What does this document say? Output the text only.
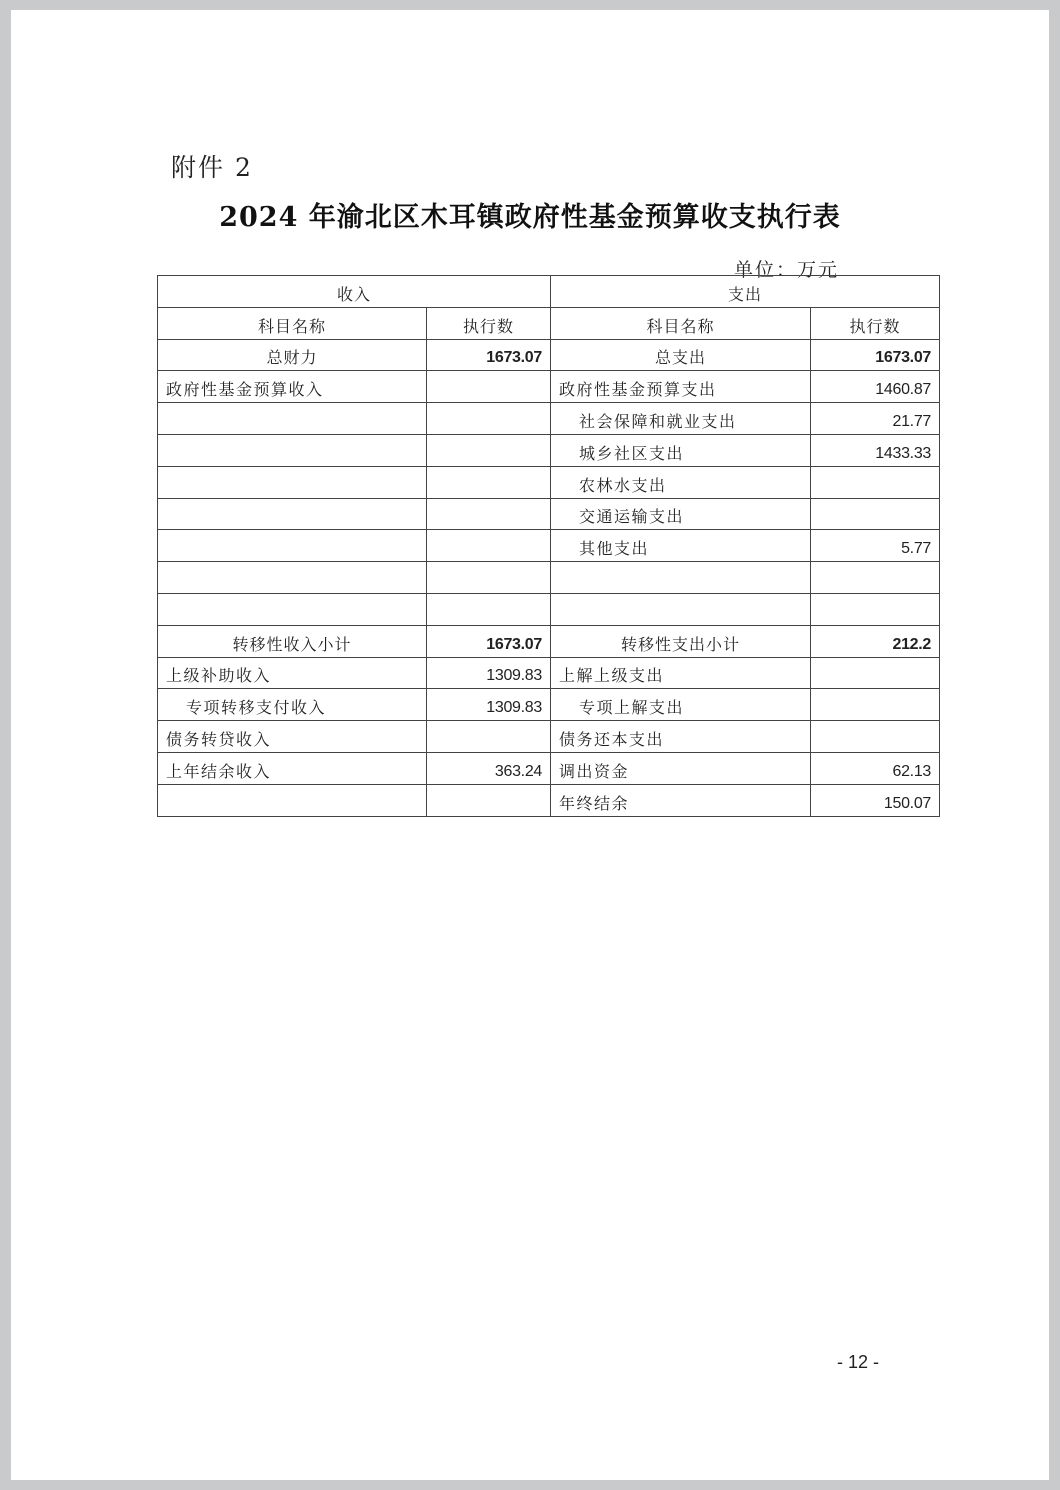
附件 2
2024 年渝北区木耳镇政府性基金预算收支执行表
单位：万元
收入		支出	
科目名称	执行数	科目名称	执行数
总财力	1673.07	总支出	1673.07
政府性基金预算收入		政府性基金预算支出	1460.87
		社会保障和就业支出	21.77
		城乡社区支出	1433.33
		农林水支出	
		交通运输支出	
		其他支出	5.77

转移性收入小计	1673.07	转移性支出小计	212.2
上级补助收入	1309.83	上解上级支出	
专项转移支付收入	1309.83	专项上解支出	
债务转贷收入		债务还本支出	
上年结余收入	363.24	调出资金	62.13
		年终结余	150.07
- 12 -
